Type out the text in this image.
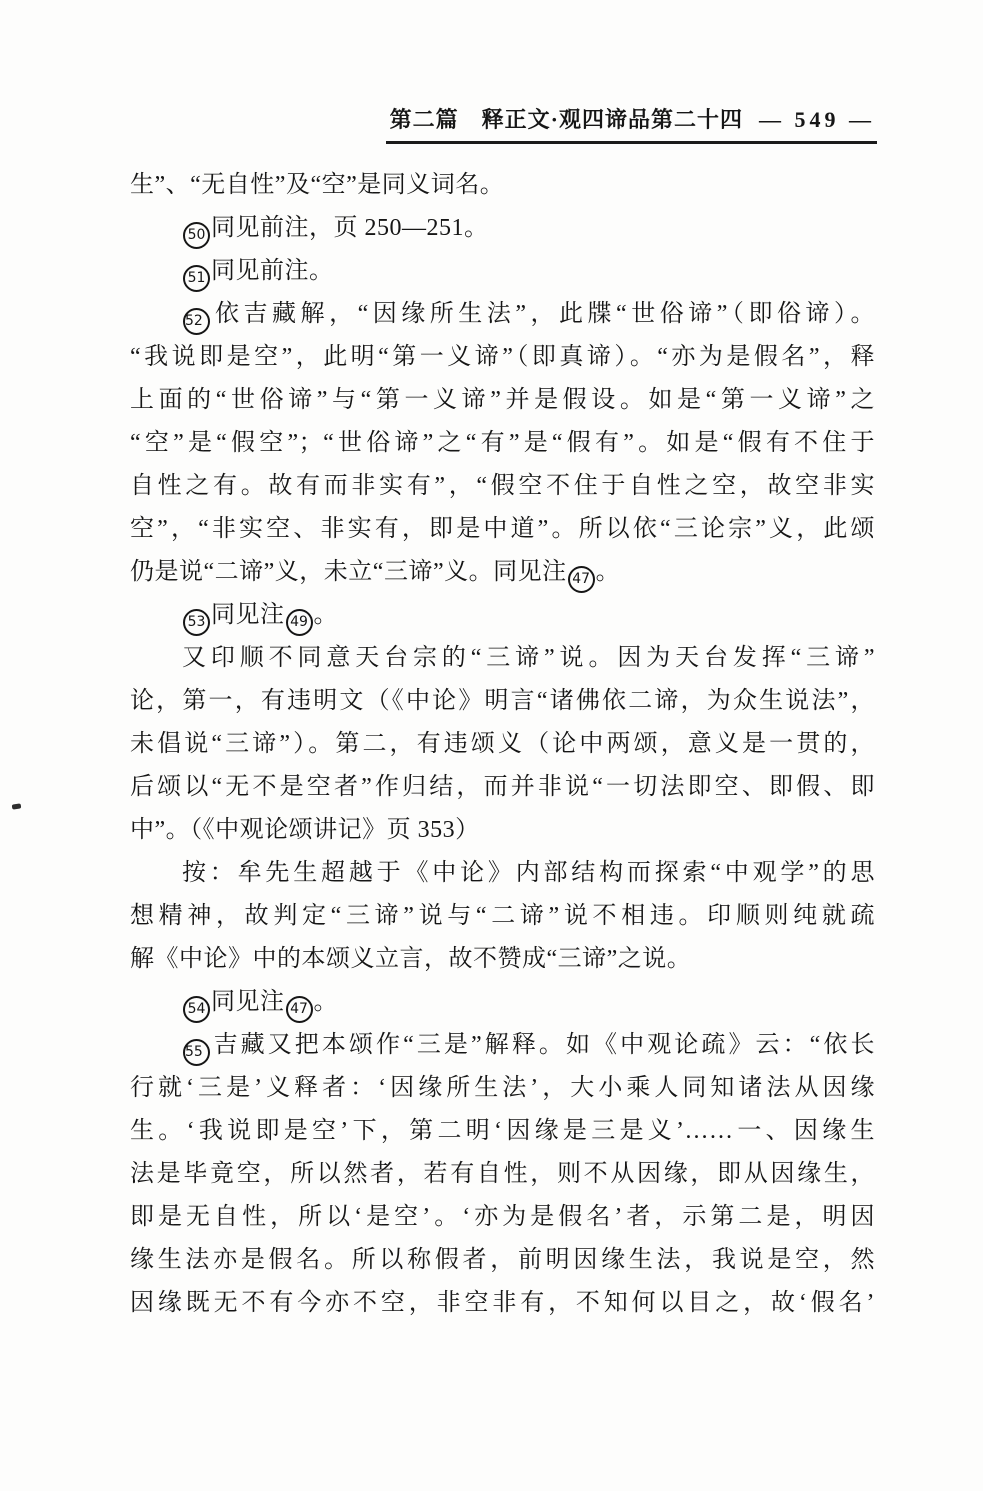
第二篇　释正文·观四谛品第二十四 — 549 —
生”、“无自性”及“空”是同义词名。
50 同见前注，页 250—251。
51 同见前注。
52 依吉藏解，“因缘所生法”，此牒“世俗谛”（即俗谛）。
“我说即是空”，此明“第一义谛”（即真谛）。“亦为是假名”，释
上面的“世俗谛”与“第一义谛”并是假设。如是“第一义谛”之
“空”是“假空”；“世俗谛”之“有”是“假有”。如是“假有不住于
自性之有。故有而非实有”，“假空不住于自性之空，故空非实
空”，“非实空、非实有，即是中道”。所以依“三论宗”义，此颂
仍是说“二谛”义，未立“三谛”义。同见注 47 。
53 同见注 49 。
又印顺不同意天台宗的“三谛”说。因为天台发挥“三谛”
论，第一，有违明文（《中论》明言“诸佛依二谛，为众生说法”，
未倡说“三谛”）。第二，有违颂义（论中两颂，意义是一贯的，
后颂以“无不是空者”作归结，而并非说“一切法即空、即假、即
中”。（《中观论颂讲记》页 353）
按：牟先生超越于《中论》内部结构而探索“中观学”的思
想精神，故判定“三谛”说与“二谛”说不相违。印顺则纯就疏
解《中论》中的本颂义立言，故不赞成“三谛”之说。
54 同见注 47 。
55 吉藏又把本颂作“三是”解释。如《中观论疏》云：“依长
行就‘三是’义释者：‘因缘所生法’，大小乘人同知诸法从因缘
生。‘我说即是空’下，第二明‘因缘是三是义’……一、因缘生
法是毕竟空，所以然者，若有自性，则不从因缘，即从因缘生，
即是无自性，所以‘是空’。‘亦为是假名’者，示第二是，明因
缘生法亦是假名。所以称假者，前明因缘生法，我说是空，然
因缘既无不有今亦不空，非空非有，不知何以目之，故‘假名’
